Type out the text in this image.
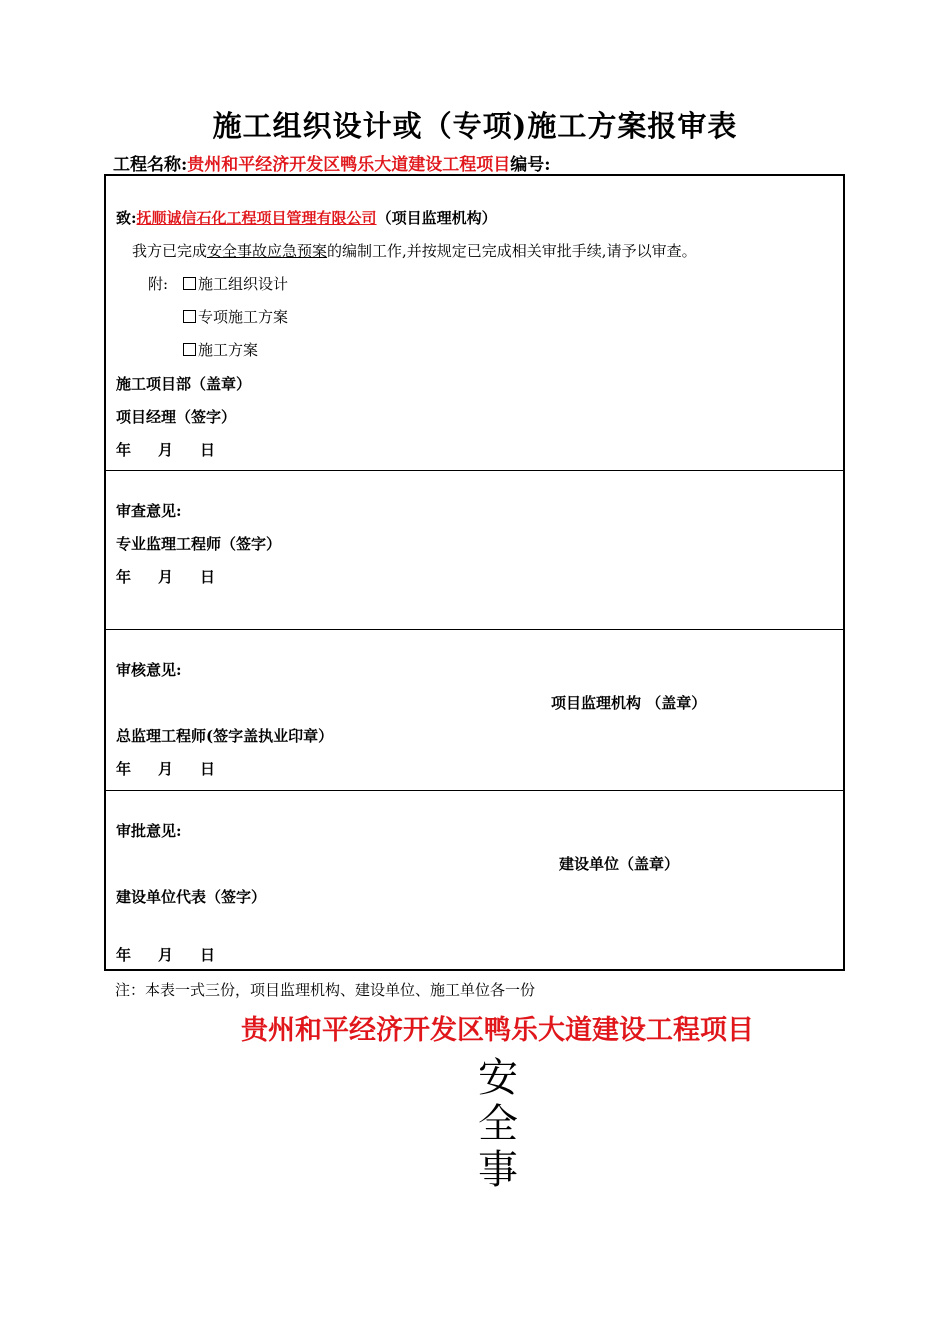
施工组织设计或（专项)施工方案报审表
工程名称:贵州和平经济开发区鸭乐大道建设工程项目编号:
致:抚顺诚信石化工程项目管理有限公司（项目监理机构）
我方已完成安全事故应急预案的编制工作,并按规定已完成相关审批手续,请予以审查。
附:	施工组织设计
专项施工方案
施工方案
施工项目部（盖章）
项目经理（签字）
年 月 日
审查意见:
专业监理工程师（签字）
年 月 日
审核意见:
项目监理机构 （盖章）
总监理工程师(签字盖执业印章）
年 月 日
审批意见:
建设单位（盖章）
建设单位代表（签字）
年 月 日
注：本表一式三份，项目监理机构、建设单位、施工单位各一份
贵州和平经济开发区鸭乐大道建设工程项目
安
全
事
